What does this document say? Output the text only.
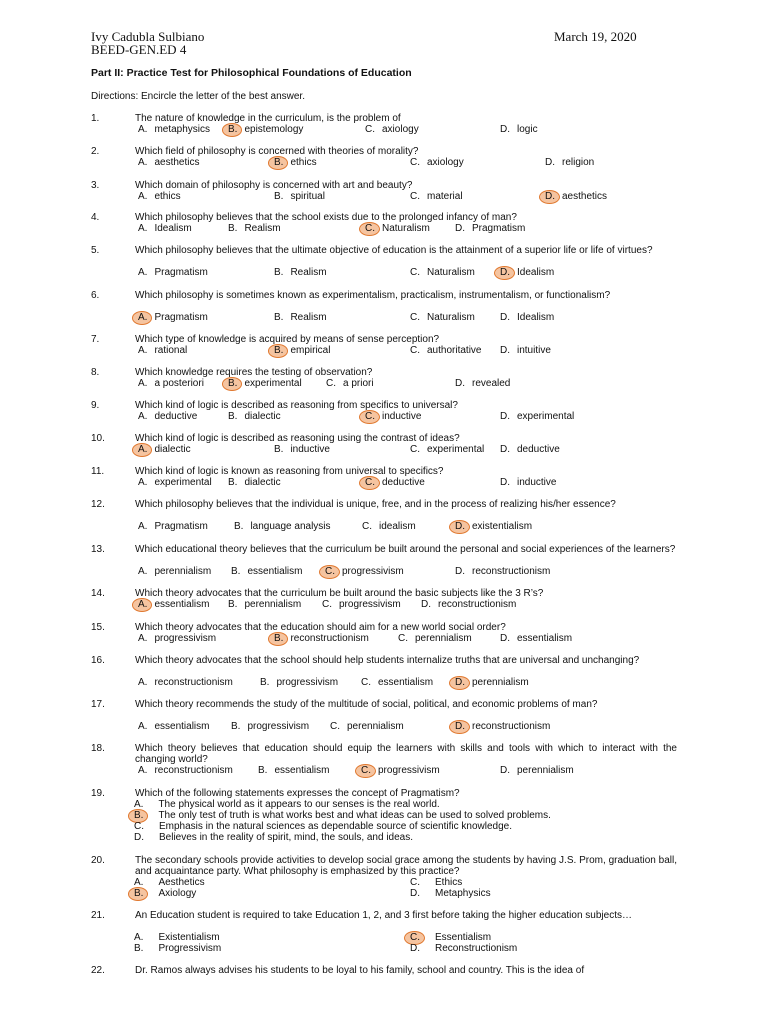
Ivy Cadubla Sulbiano
BEED-GEN.ED 4
March 19, 2020
Part II: Practice Test for Philosophical Foundations of Education
Directions: Encircle the letter of the best answer.
1.	The nature of knowledge in the curriculum, is the problem of
A. metaphysics	B. epistemology	C. axiology	D. logic
2.	Which field of philosophy is concerned with theories of morality?
A. aesthetics	B. ethics	C. axiology	D. religion
3.	Which domain of philosophy is concerned with art and beauty?
A. ethics	B. spiritual	C. material	D. aesthetics
4.	Which philosophy believes that the school exists due to the prolonged infancy of man?
A. Idealism	B. Realism	C. Naturalism	D. Pragmatism
5.	Which philosophy believes that the ultimate objective of education is the attainment of a superior life or life of virtues?
A. Pragmatism	B. Realism	C. Naturalism	D. Idealism
6.	Which philosophy is sometimes known as experimentalism, practicalism, instrumentalism, or functionalism?
A. Pragmatism	B. Realism	C. Naturalism	D. Idealism
7.	Which type of knowledge is acquired by means of sense perception?
A. rational	B. empirical	C. authoritative	D. intuitive
8.	Which knowledge requires the testing of observation?
A. a posteriori	B. experimental	C. a priori	D. revealed
9.	Which kind of logic is described as reasoning from specifics to universal?
A. deductive	B. dialectic	C. inductive	D. experimental
10.	Which kind of logic is described as reasoning using the contrast of ideas?
A. dialectic	B. inductive	C. experimental	D. deductive
11.	Which kind of logic is known as reasoning from universal to specifics?
A. experimental	B. dialectic	C. deductive	D. inductive
12.	Which philosophy believes that the individual is unique, free, and in the process of realizing his/her essence?
A. Pragmatism	B. language analysis	C. idealism	D. existentialism
13.	Which educational theory believes that the curriculum be built around the personal and social experiences of the learners?
A. perennialism	B. essentialism	C. progressivism	D. reconstructionism
14.	Which theory advocates that the curriculum be built around the basic subjects like the 3 R’s?
A. essentialism	B. perennialism	C. progressivism	D. reconstructionism
15.	Which theory advocates that the education should aim for a new world social order?
A. progressivism	B. reconstructionism	C. perennialism	D. essentialism
16.	Which theory advocates that the school should help students internalize truths that are universal and unchanging?
A. reconstructionism	B. progressivism	C. essentialism	D. perennialism
17.	Which theory recommends the study of the multitude of social, political, and economic problems of man?
A. essentialism	B. progressivism	C. perennialism	D. reconstructionism
18.	Which theory believes that education should equip the learners with skills and tools with which to interact with the changing world?
A. reconstructionism	B. essentialism	C. progressivism	D. perennialism
19.	Which of the following statements expresses the concept of Pragmatism?
A. The physical world as it appears to our senses is the real world.
B. The only test of truth is what works best and what ideas can be used to solved problems.
C. Emphasis in the natural sciences as dependable source of scientific knowledge.
D. Believes in the reality of spirit, mind, the souls, and ideas.
20.	The secondary schools provide activities to develop social grace among the students by having J.S. Prom, graduation ball, and acquaintance party. What philosophy is emphasized by this practice?
A. Aesthetics
B. Axiology
C. Ethics
D. Metaphysics
21.	An Education student is required to take Education 1, 2, and 3 first before taking the higher education subjects…
A. Existentialism
B. Progressivism
C. Essentialism
D. Reconstructionism
22.	Dr. Ramos always advises his students to be loyal to his family, school and country. This is the idea of
